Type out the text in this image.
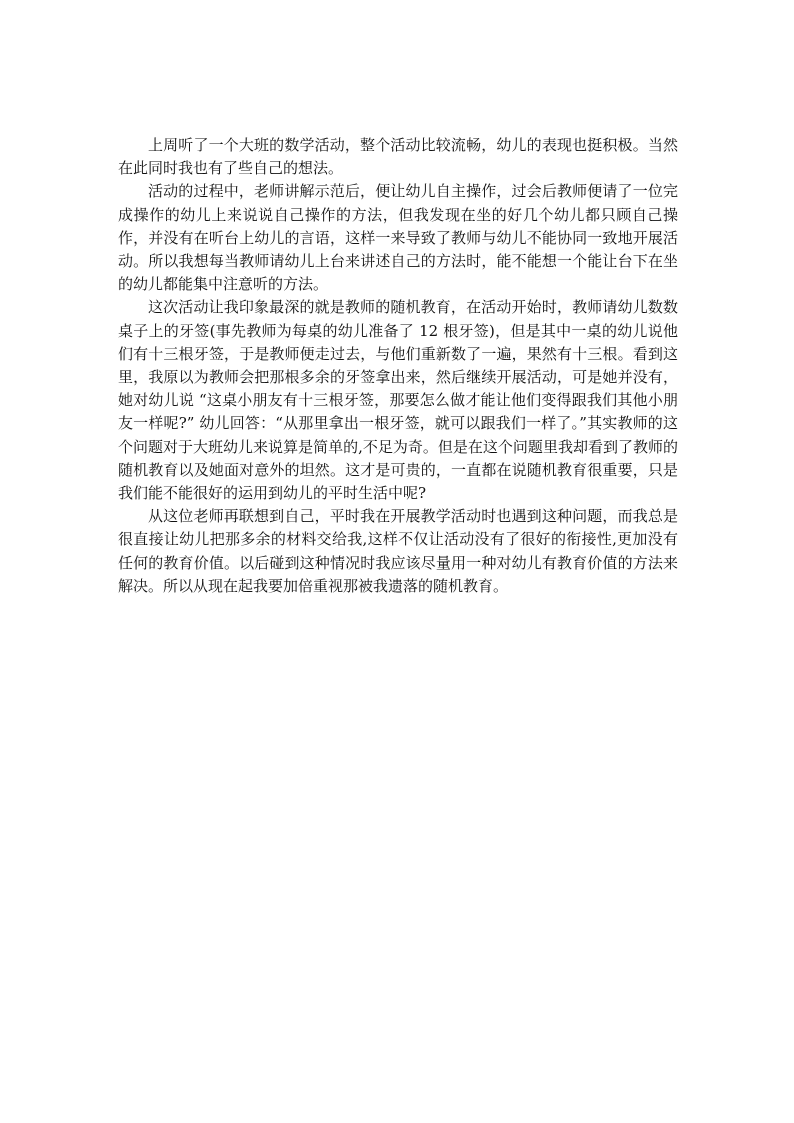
上周听了一个大班的数学活动，整个活动比较流畅，幼儿的表现也挺积极。当然在此同时我也有了些自己的想法。

活动的过程中，老师讲解示范后，便让幼儿自主操作，过会后教师便请了一位完成操作的幼儿上来说说自己操作的方法，但我发现在坐的好几个幼儿都只顾自己操作，并没有在听台上幼儿的言语，这样一来导致了教师与幼儿不能协同一致地开展活动。所以我想每当教师请幼儿上台来讲述自己的方法时，能不能想一个能让台下在坐的幼儿都能集中注意听的方法。

这次活动让我印象最深的就是教师的随机教育，在活动开始时，教师请幼儿数数桌子上的牙签(事先教师为每桌的幼儿准备了 12 根牙签)，但是其中一桌的幼儿说他们有十三根牙签，于是教师便走过去，与他们重新数了一遍，果然有十三根。看到这里，我原以为教师会把那根多余的牙签拿出来，然后继续开展活动，可是她并没有，她对幼儿说 “这桌小朋友有十三根牙签，那要怎么做才能让他们变得跟我们其他小朋友一样呢?” 幼儿回答：“从那里拿出一根牙签，就可以跟我们一样了。”其实教师的这个问题对于大班幼儿来说算是简单的,不足为奇。但是在这个问题里我却看到了教师的随机教育以及她面对意外的坦然。这才是可贵的，一直都在说随机教育很重要，只是我们能不能很好的运用到幼儿的平时生活中呢?

从这位老师再联想到自己，平时我在开展教学活动时也遇到这种问题，而我总是很直接让幼儿把那多余的材料交给我,这样不仅让活动没有了很好的衔接性,更加没有任何的教育价值。以后碰到这种情况时我应该尽量用一种对幼儿有教育价值的方法来解决。所以从现在起我要加倍重视那被我遗落的随机教育。
